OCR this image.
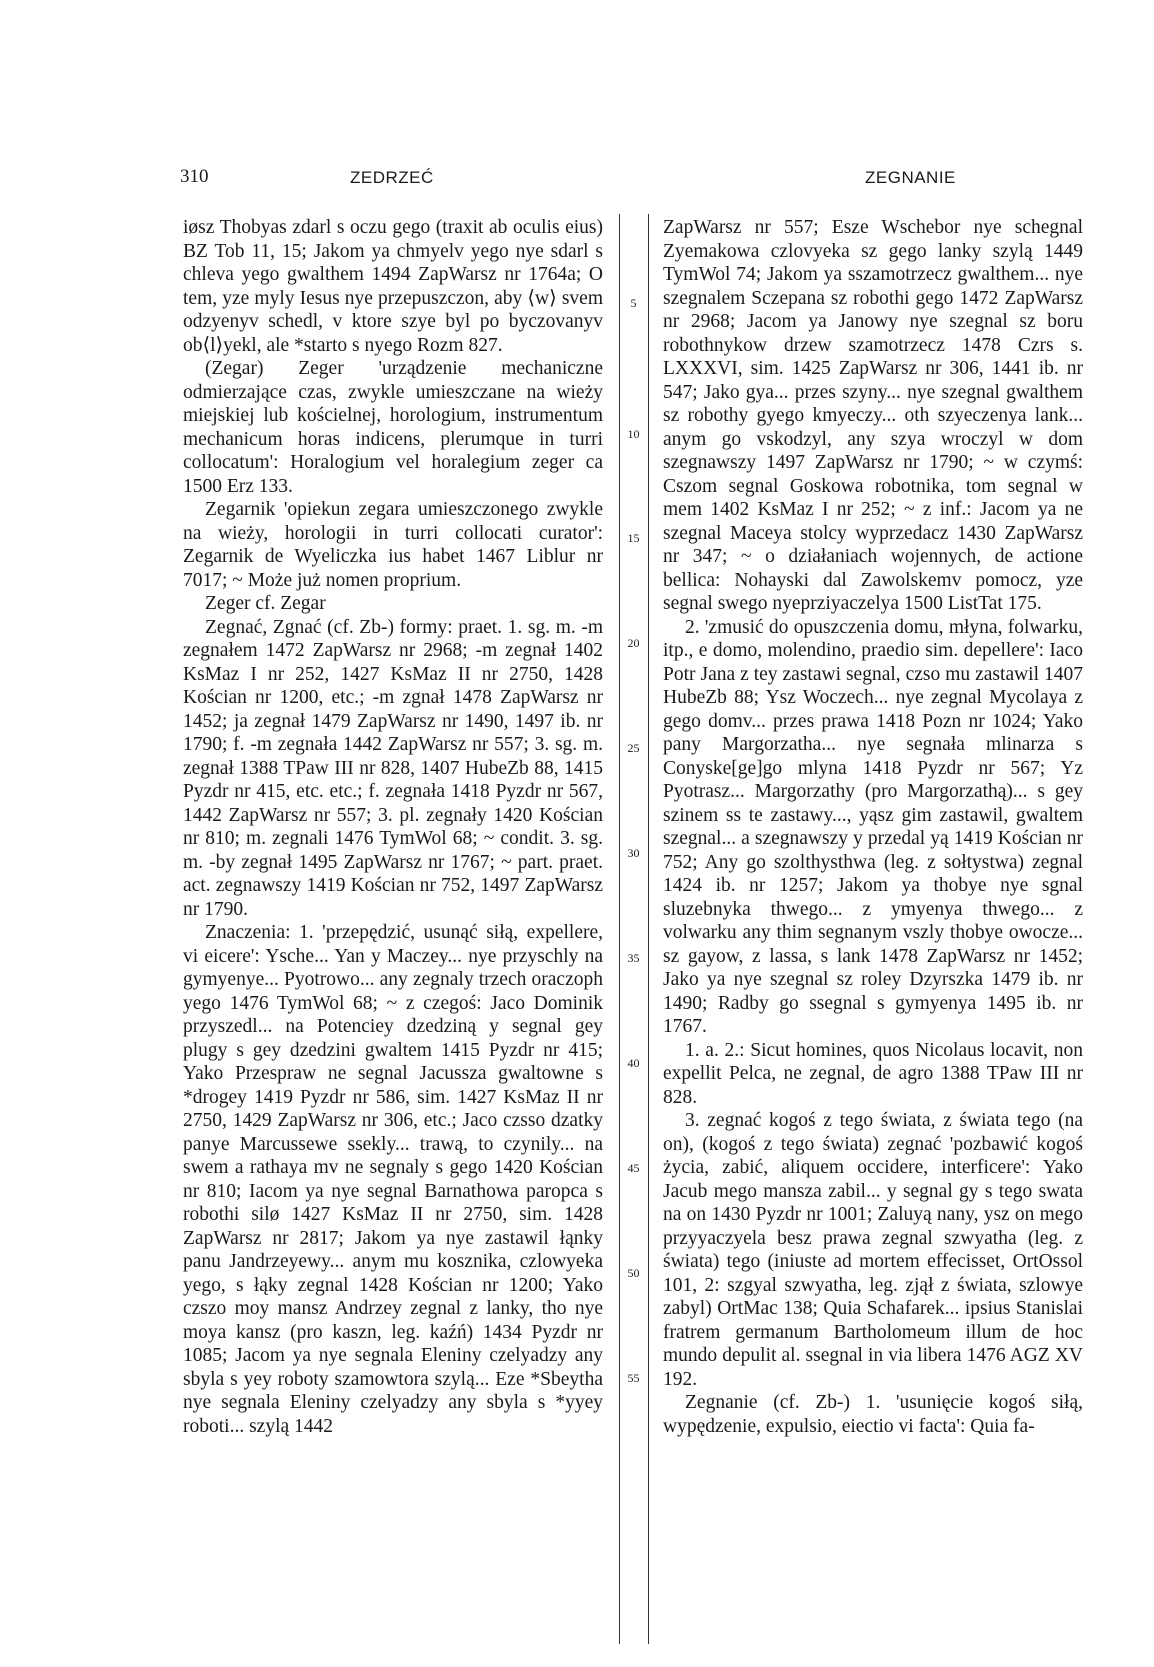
310	ZEDRZEĆ	ZEGNANIE

iøsz Thobyas zdarl s oczu gego (traxit ab oculis eius) BZ Tob 11, 15; Jakom ya chmyelv yego nye sdarl s chleva yego gwalthem 1494 ZapWarsz nr 1764a; O tem, yze myly Iesus nye przepuszczon, aby ⟨w⟩ svem odzyenyv schedl, v ktore szye byl po byczovanyv ob⟨l⟩yekl, ale *starto s nyego Rozm 827.

(Zegar) Zeger 'urządzenie mechaniczne odmierzające czas, zwykle umieszczane na wieży miejskiej lub kościelnej, horologium, instrumentum mechanicum horas indicens, plerumque in turri collocatum': Horalogium vel horalegium zeger ca 1500 Erz 133.

Zegarnik 'opiekun zegara umieszczonego zwykle na wieży, horologii in turri collocati curator': Zegarnik de Wyeliczka ius habet 1467 Liblur nr 7017; ~ Może już nomen proprium.

Zeger cf. Zegar

Zegnać, Zgnać (cf. Zb-) formy: praet. 1. sg. m. -m zegnałem 1472 ZapWarsz nr 2968; -m zegnał 1402 KsMaz I nr 252, 1427 KsMaz II nr 2750, 1428 Kościan nr 1200, etc.; -m zgnał 1478 ZapWarsz nr 1452; ja zegnał 1479 ZapWarsz nr 1490, 1497 ib. nr 1790; f. -m zegnała 1442 ZapWarsz nr 557; 3. sg. m. zegnał 1388 TPaw III nr 828, 1407 HubeZb 88, 1415 Pyzdr nr 415, etc. etc.; f. zegnała 1418 Pyzdr nr 567, 1442 ZapWarsz nr 557; 3. pl. zegnały 1420 Kościan nr 810; m. zegnali 1476 TymWol 68; ~ condit. 3. sg. m. -by zegnał 1495 ZapWarsz nr 1767; ~ part. praet. act. zegnawszy 1419 Kościan nr 752, 1497 ZapWarsz nr 1790.

Znaczenia: 1. 'przepędzić, usunąć siłą, expellere, vi eicere': Ysche... Yan y Maczey... nye przyschly na gymyenye... Pyotrowo... any zegnaly trzech oraczoph yego 1476 TymWol 68; ~ z czegoś: Jaco Dominik przyszedl... na Potenciey dzedziną y segnal gey plugy s gey dzedzini gwaltem 1415 Pyzdr nr 415; Yako Przespraw ne segnal Jacussza gwaltowne s *drogey 1419 Pyzdr nr 586, sim. 1427 KsMaz II nr 2750, 1429 ZapWarsz nr 306, etc.; Jaco czsso dzatky panye Marcussewe ssekly... trawą, to czynily... na swem a rathaya mv ne segnaly s gego 1420 Kościan nr 810; Iacom ya nye segnal Barnathowa paropca s robothi silø 1427 KsMaz II nr 2750, sim. 1428 ZapWarsz nr 2817; Jakom ya nye zastawil łąnky panu Jandrzeyewy... anym mu kosznika, czlowyeka yego, s łąky zegnal 1428 Kościan nr 1200; Yako czszo moy mansz Andrzey zegnal z lanky, tho nye moya kansz (pro kaszn, leg. kaźń) 1434 Pyzdr nr 1085; Jacom ya nye segnala Eleniny czelyadzy any sbyla s yey roboty szamowtora szylą... Eze *Sbeytha nye segnala Eleniny czelyadzy any sbyla s *yyey roboti... szylą 1442

5
10
15
20
25
30
35
40
45
50
55

ZapWarsz nr 557; Esze Wschebor nye schegnal Zyemakowa czlovyeka sz gego lanky szylą 1449 TymWol 74; Jakom ya sszamotrzecz gwalthem... nye szegnalem Sczepana sz robothi gego 1472 ZapWarsz nr 2968; Jacom ya Janowy nye szegnal sz boru robothnykow drzew szamotrzecz 1478 Czrs s. LXXXVI, sim. 1425 ZapWarsz nr 306, 1441 ib. nr 547; Jako gya... przes szyny... nye szegnal gwalthem sz robothy gyego kmyeczy... oth szyeczenya lank... anym go vskodzyl, any szya wroczyl w dom szegnawszy 1497 ZapWarsz nr 1790; ~ w czymś: Cszom segnal Goskowa robotnika, tom segnal w mem 1402 KsMaz I nr 252; ~ z inf.: Jacom ya ne szegnal Maceya stolcy wyprzedacz 1430 ZapWarsz nr 347; ~ o działaniach wojennych, de actione bellica: Nohayski dal Zawolskemv pomocz, yze segnal swego nyeprziyaczelya 1500 ListTat 175.

2. 'zmusić do opuszczenia domu, młyna, folwarku, itp., e domo, molendino, praedio sim. depellere': Iaco Potr Jana z tey zastawi segnal, czso mu zastawil 1407 HubeZb 88; Ysz Woczech... nye zegnal Mycolaya z gego domv... przes prawa 1418 Pozn nr 1024; Yako pany Margorzatha... nye segnała mlinarza s Conyske[ge]go mlyna 1418 Pyzdr nr 567; Yz Pyotrasz... Margorzathy (pro Margorzathą)... s gey szinem ss te zastawy..., yąsz gim zastawil, gwaltem szegnal... a szegnawszy y przedal yą 1419 Kościan nr 752; Any go szolthysthwa (leg. z sołtystwa) zegnal 1424 ib. nr 1257; Jakom ya thobye nye sgnal sluzebnyka thwego... z ymyenya thwego... z volwarku any thim segnanym vszly thobye owocze... sz gayow, z lassa, s lank 1478 ZapWarsz nr 1452; Jako ya nye szegnal sz roley Dzyrszka 1479 ib. nr 1490; Radby go ssegnal s gymyenya 1495 ib. nr 1767.

1. a. 2.: Sicut homines, quos Nicolaus locavit, non expellit Pelca, ne zegnal, de agro 1388 TPaw III nr 828.

3. zegnać kogoś z tego świata, z świata tego (na on), (kogoś z tego świata) zegnać 'pozbawić kogoś życia, zabić, aliquem occidere, interficere': Yako Jacub mego mansza zabil... y segnal gy s tego swata na on 1430 Pyzdr nr 1001; Zaluyą nany, ysz on mego przyyaczyela besz prawa zegnal szwyatha (leg. z świata) tego (iniuste ad mortem effecisset, OrtOssol 101, 2: szgyal szwyatha, leg. zjął z świata, szlowye zabyl) OrtMac 138; Quia Schafarek... ipsius Stanislai fratrem germanum Bartholomeum illum de hoc mundo depulit al. ssegnal in via libera 1476 AGZ XV 192.

Zegnanie (cf. Zb-) 1. 'usunięcie kogoś siłą, wypędzenie, expulsio, eiectio vi facta': Quia fa-
